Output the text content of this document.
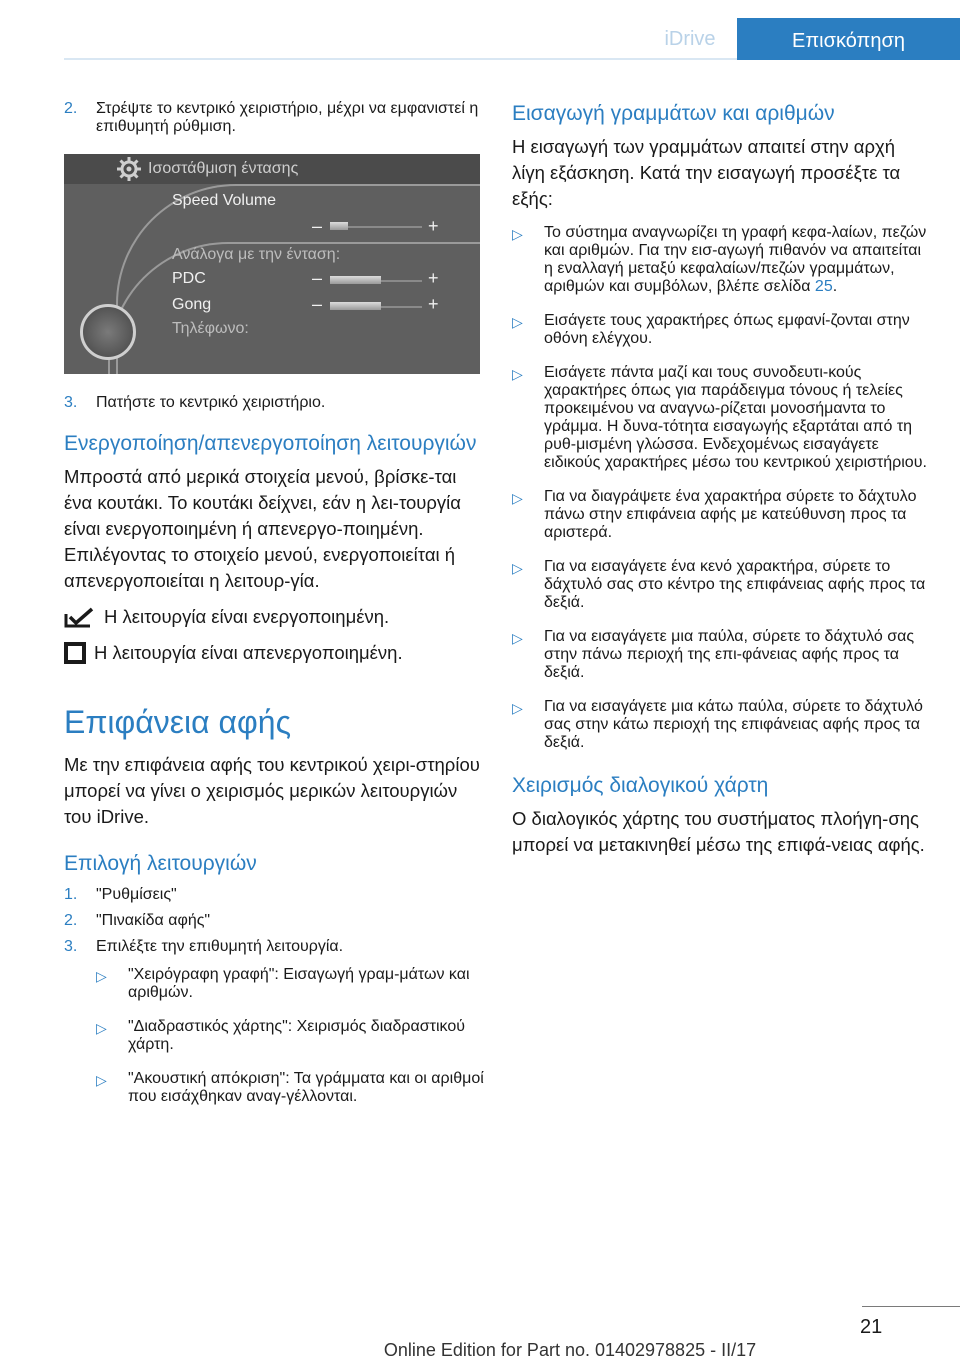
iDrive	Επισκόπηση
2.	Στρέψτε το κεντρικό χειριστήριο, μέχρι να εμφανιστεί η επιθυμητή ρύθμιση.
Ισοστάθμιση έντασης
Speed Volume
–	+
Ανάλογα με την ένταση:
PDC	–	+
Gong	–	+
Τηλέφωνο:
3.	Πατήστε το κεντρικό χειριστήριο.
Ενεργοποίηση/απενεργοποίηση λειτουργιών

Μπροστά από μερικά στοιχεία μενού, βρίσκε‐ται ένα κουτάκι. Το κουτάκι δείχνει, εάν η λει‐τουργία είναι ενεργοποιημένη ή απενεργο‐ποιημένη. Επιλέγοντας το στοιχείο μενού, ενεργοποιείται ή απενεργοποιείται η λειτουρ‐γία.

Η λειτουργία είναι ενεργοποιημένη.
Η λειτουργία είναι απενεργοποιημένη.
Επιφάνεια αφής

Με την επιφάνεια αφής του κεντρικού χειρι‐στηρίου μπορεί να γίνει ο χειρισμός μερικών λειτουργιών του iDrive.

Επιλογή λειτουργιών
1.	"Ρυθμίσεις"
2.	"Πινακίδα αφής"
3.	Επιλέξτε την επιθυμητή λειτουργία.
▷	"Χειρόγραφη γραφή": Εισαγωγή γραμ‐μάτων και αριθμών.
▷	"Διαδραστικός χάρτης": Χειρισμός διαδραστικού χάρτη.
▷	"Ακουστική απόκριση": Τα γράμματα και οι αριθμοί που εισάχθηκαν αναγ‐γέλλονται.
Εισαγωγή γραμμάτων και αριθμών

Η εισαγωγή των γραμμάτων απαιτεί στην αρχή λίγη εξάσκηση. Κατά την εισαγωγή προσέξτε τα εξής:

▷	Το σύστημα αναγνωρίζει τη γραφή κεφα‐λαίων, πεζών και αριθμών. Για την εισ‐αγωγή πιθανόν να απαιτείται η εναλλαγή μεταξύ κεφαλαίων/πεζών γραμμάτων, αριθμών και συμβόλων, βλέπε σελίδα 25.
▷	Εισάγετε τους χαρακτήρες όπως εμφανί‐ζονται στην οθόνη ελέγχου.
▷	Εισάγετε πάντα μαζί και τους συνοδευτι‐κούς χαρακτήρες όπως για παράδειγμα τόνους ή τελείες προκειμένου να αναγνω‐ρίζεται μονοσήμαντα το γράμμα. Η δυνα‐τότητα εισαγωγής εξαρτάται από τη ρυθ‐μισμένη γλώσσα. Ενδεχομένως εισαγάγετε ειδικούς χαρακτήρες μέσω του κεντρικού χειριστήριου.
▷	Για να διαγράψετε ένα χαρακτήρα σύρετε το δάχτυλο πάνω στην επιφάνεια αφής με κατεύθυνση προς τα αριστερά.
▷	Για να εισαγάγετε ένα κενό χαρακτήρα, σύρετε το δάχτυλό σας στο κέντρο της επιφάνειας αφής προς τα δεξιά.
▷	Για να εισαγάγετε μια παύλα, σύρετε το δάχτυλό σας στην πάνω περιοχή της επι‐φάνειας αφής προς τα δεξιά.
▷	Για να εισαγάγετε μια κάτω παύλα, σύρετε το δάχτυλό σας στην κάτω περιοχή της επιφάνειας αφής προς τα δεξιά.
Χειρισμός διαλογικού χάρτη

Ο διαλογικός χάρτης του συστήματος πλοήγη‐σης μπορεί να μετακινηθεί μέσω της επιφά‐νειας αφής.

21
Online Edition for Part no. 01402978825 - II/17
